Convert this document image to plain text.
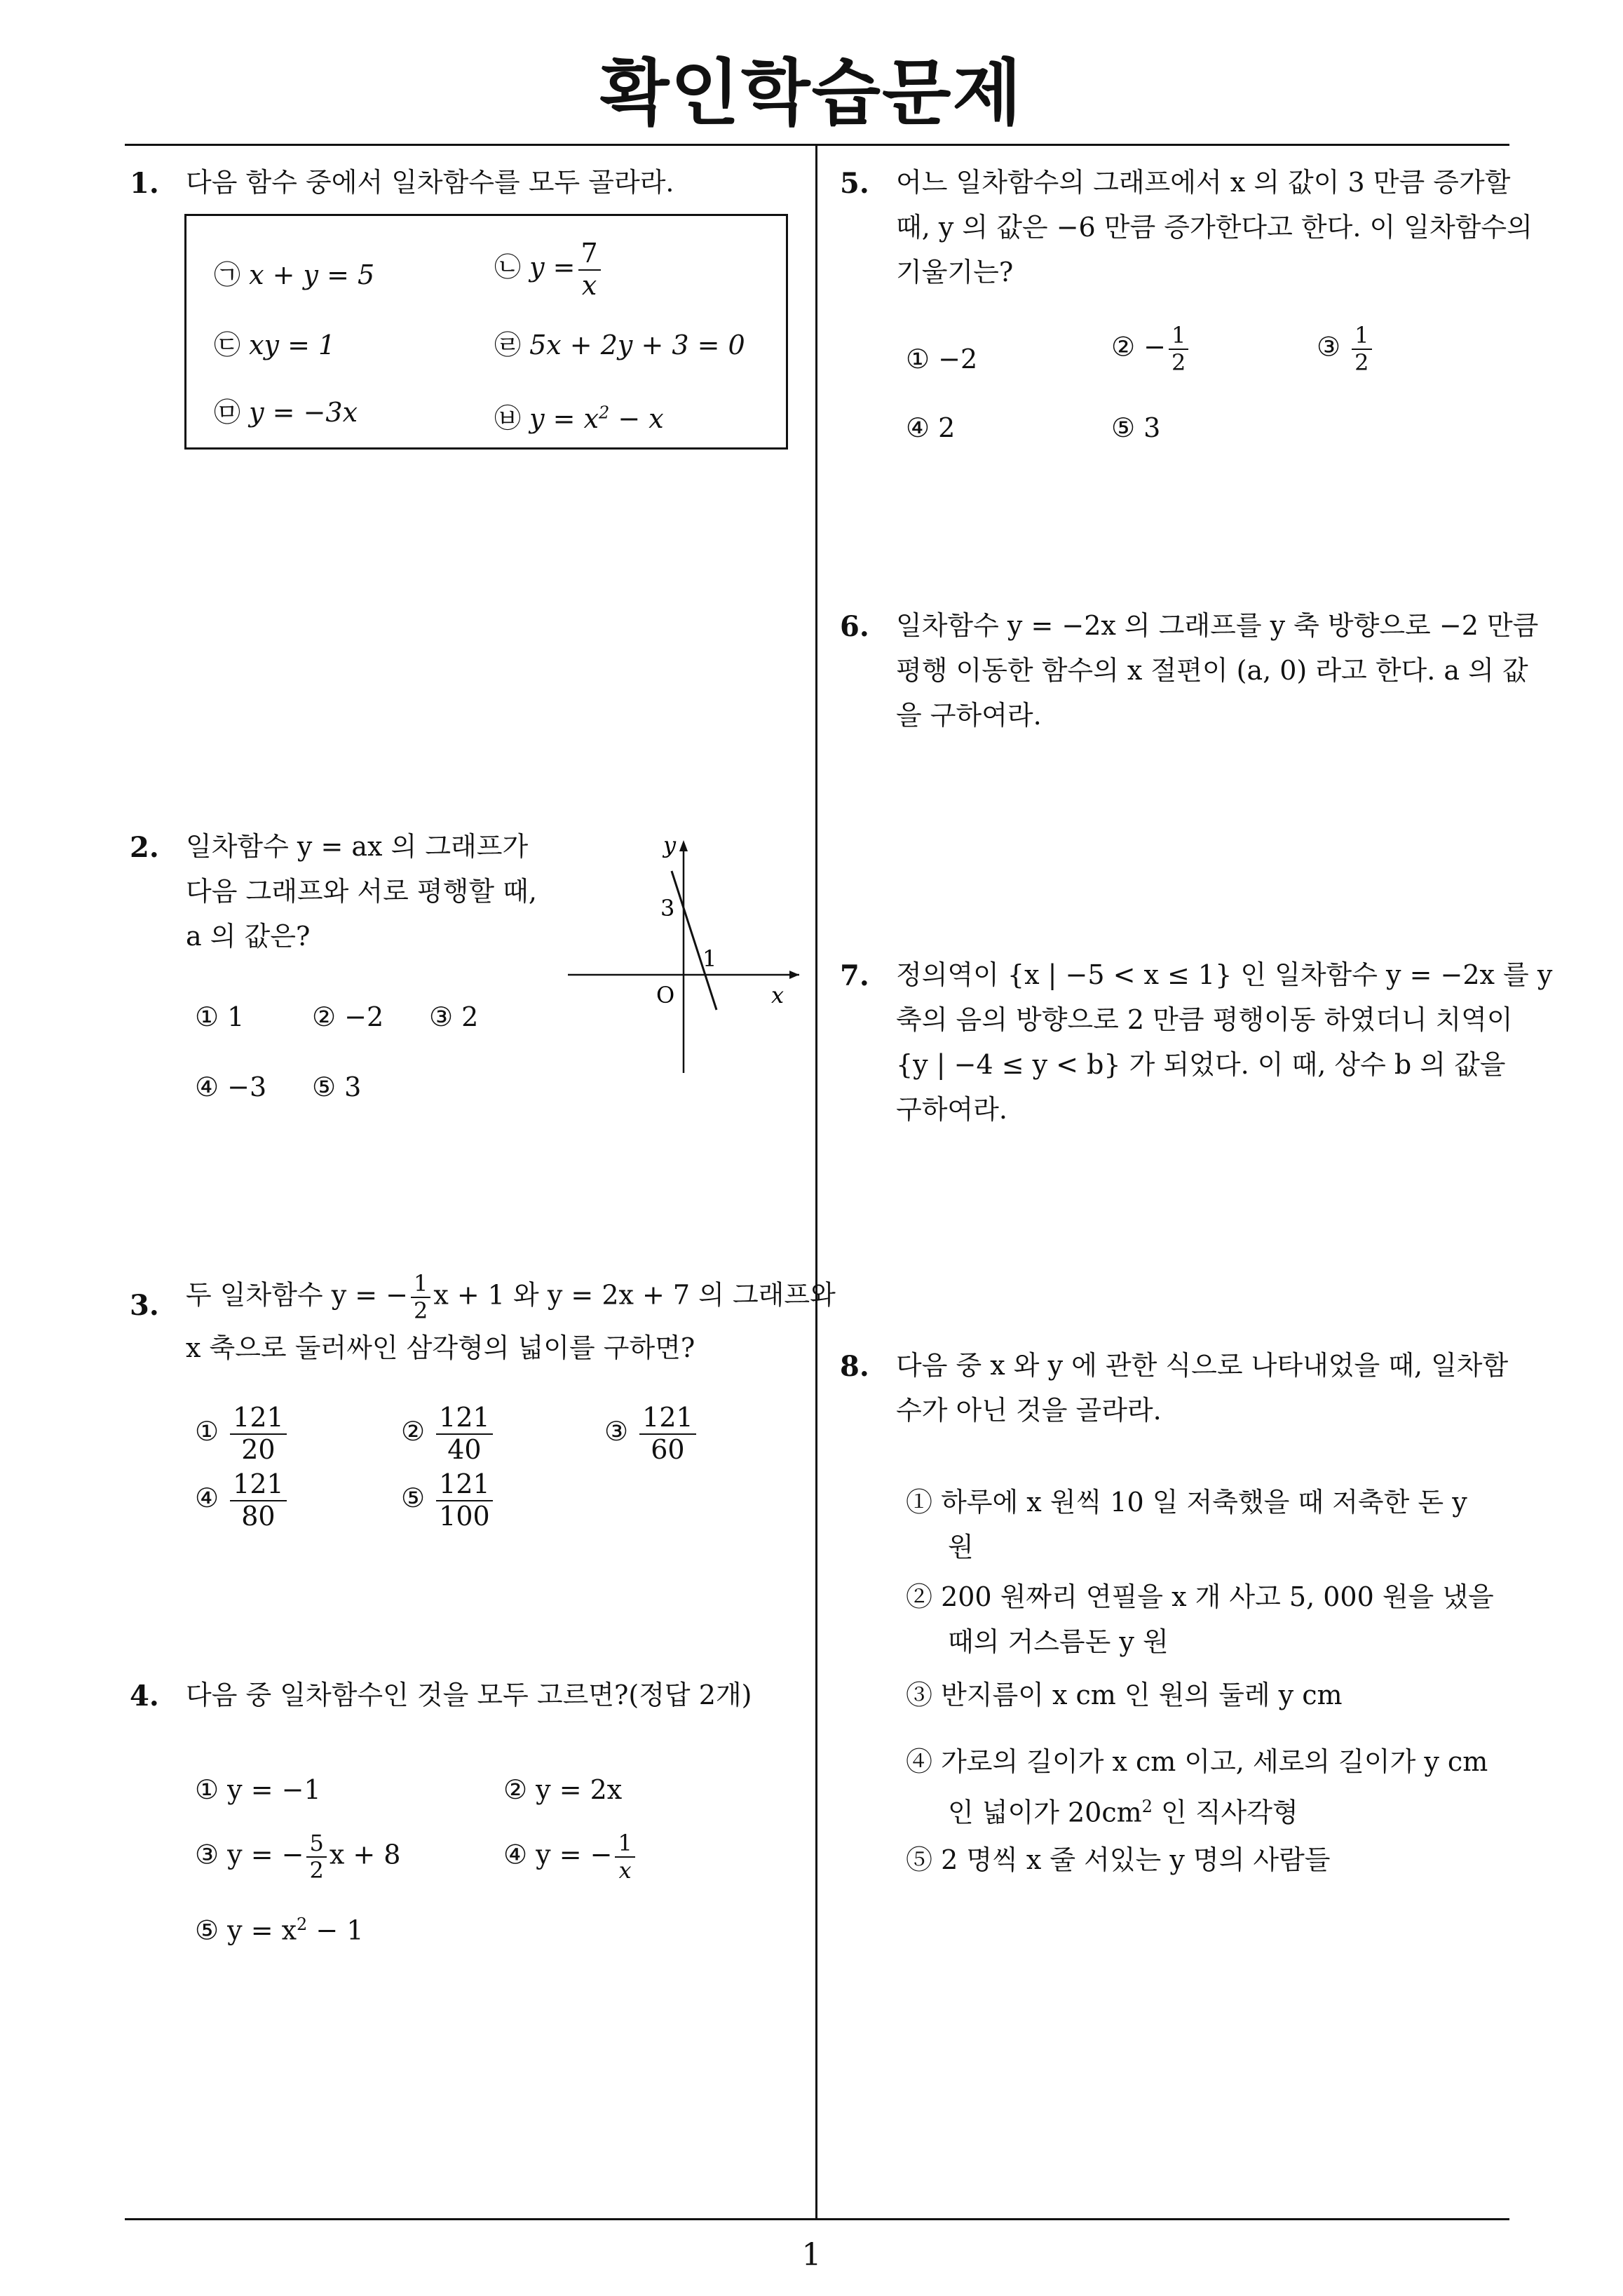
확인학습문제
1
1. 다음 함수 중에서 일차함수를 모두 골라라.
㉠ x + y = 5	㉡ $y = \frac{7}{x}$
㉢ xy = 1	㉣ 5x + 2y + 3 = 0
㉤ y = −3x	㉥ $y = x^2 - x$
2. 일차함수 y = ax 의 그래프가
다음 그래프와 서로 평행할 때,
a 의 값은?
y
x
O
3
1
① 1	② −2 ③ 2
④ −3 ⑤ 3
3. 두 일차함수 y = − $\frac{1}{2}$ x + 1 와 y = 2x + 7 의 그래프와
x 축으로 둘러싸인 삼각형의 넓이를 구하면?
① $\frac{121}{20}$	② $\frac{121}{40}$	③ $\frac{121}{60}$
④ $\frac{121}{80}$	⑤ $\frac{121}{100}$
4. 다음 중 일차함수인 것을 모두 고르면?(정답 2개)
① y = −1	② y = 2x
③ y = − $\frac{5}{2}$ x + 8	④ y = − $\frac{1}{x}$
⑤ $y = x^2 - 1$
5. 어느 일차함수의 그래프에서 x 의 값이 3 만큼 증가할
때, y 의 값은 −6 만큼 증가한다고 한다. 이 일차함수의
기울기는?
① −2	② − $\frac{1}{2}$	③ $\frac{1}{2}$
④ 2	⑤ 3
6. 일차함수 y = −2x 의 그래프를 y 축 방향으로 −2 만큼
평행 이동한 함수의 x 절편이 (a, 0) 라고 한다. a 의 값
을 구하여라.
7. 정의역이 {x | −5 < x ≤ 1} 인 일차함수 y = −2x 를 y
축의 음의 방향으로 2 만큼 평행이동 하였더니 치역이
{y | −4 ≤ y < b} 가 되었다. 이 때, 상수 b 의 값을
구하여라.
8. 다음 중 x 와 y 에 관한 식으로 나타내었을 때, 일차함
수가 아닌 것을 골라라.
① 하루에 x 원씩 10 일 저축했을 때 저축한 돈 y
원
② 200 원짜리 연필을 x 개 사고 5, 000 원을 냈을
때의 거스름돈 y 원
③ 반지름이 x cm 인 원의 둘레 y cm
④ 가로의 길이가 x cm 이고, 세로의 길이가 y cm
인 넓이가 $20cm^2$ 인 직사각형
⑤ 2 명씩 x 줄 서있는 y 명의 사람들
